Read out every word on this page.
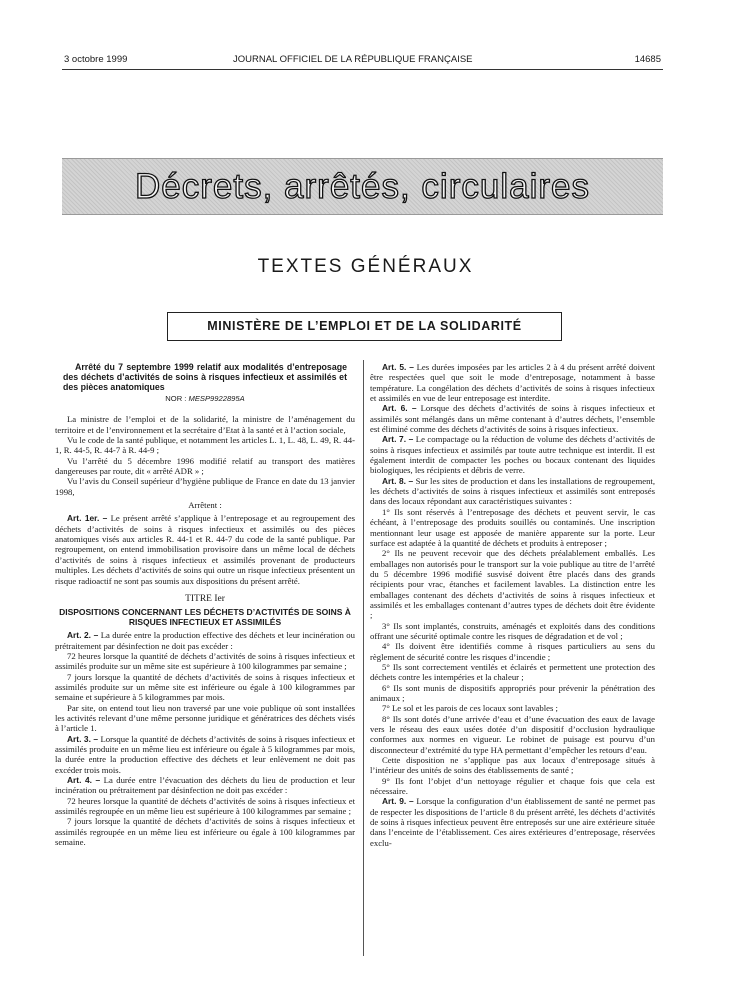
3 octobre 1999	JOURNAL OFFICIEL DE LA RÉPUBLIQUE FRANÇAISE	14685
Décrets, arrêtés, circulaires
TEXTES GÉNÉRAUX
MINISTÈRE DE L’EMPLOI ET DE LA SOLIDARITÉ
Arrêté du 7 septembre 1999 relatif aux modalités d’entreposage des déchets d’activités de soins à risques infectieux et assimilés et des pièces anatomiques
NOR : MESP9922895A

La ministre de l’emploi et de la solidarité, la ministre de l’aménagement du territoire et de l’environnement et la secrétaire d’Etat à la santé et à l’action sociale,

Vu le code de la santé publique, et notamment les articles L. 1, L. 48, L. 49, R. 44-1, R. 44-5, R. 44-7 à R. 44-9 ;

Vu l’arrêté du 5 décembre 1996 modifié relatif au transport des matières dangereuses par route, dit « arrêté ADR » ;

Vu l’avis du Conseil supérieur d’hygiène publique de France en date du 13 janvier 1998,

Arrêtent :

Art. 1er. – Le présent arrêté s’applique à l’entreposage et au regroupement des déchets d’activités de soins à risques infectieux et assimilés ou des pièces anatomiques visés aux articles R. 44-1 et R. 44-7 du code de la santé publique. Par regroupement, on entend immobilisation provisoire dans un même local de déchets d’activités de soins à risques infectieux et assimilés provenant de producteurs multiples. Les déchets d’activités de soins qui outre un risque infectieux présentent un risque radioactif ne sont pas soumis aux dispositions du présent arrêté.

TITRE Ier
DISPOSITIONS CONCERNANT LES DÉCHETS D’ACTIVITÉS DE SOINS À RISQUES INFECTIEUX ET ASSIMILÉS

Art. 2. – La durée entre la production effective des déchets et leur incinération ou prétraitement par désinfection ne doit pas excéder :

72 heures lorsque la quantité de déchets d’activités de soins à risques infectieux et assimilés produite sur un même site est supérieure à 100 kilogrammes par semaine ;

7 jours lorsque la quantité de déchets d’activités de soins à risques infectieux et assimilés produite sur un même site est inférieure ou égale à 100 kilogrammes par semaine et supérieure à 5 kilogrammes par mois.

Par site, on entend tout lieu non traversé par une voie publique où sont installées les activités relevant d’une même personne juridique et génératrices des déchets visés à l’article 1.

Art. 3. – Lorsque la quantité de déchets d’activités de soins à risques infectieux et assimilés produite en un même lieu est inférieure ou égale à 5 kilogrammes par mois, la durée entre la production effective des déchets et leur enlèvement ne doit pas excéder trois mois.

Art. 4. – La durée entre l’évacuation des déchets du lieu de production et leur incinération ou prétraitement par désinfection ne doit pas excéder :

72 heures lorsque la quantité de déchets d’activités de soins à risques infectieux et assimilés regroupée en un même lieu est supérieure à 100 kilogrammes par semaine ;

7 jours lorsque la quantité de déchets d’activités de soins à risques infectieux et assimilés regroupée en un même lieu est inférieure ou égale à 100 kilogrammes par semaine.

Art. 5. – Les durées imposées par les articles 2 à 4 du présent arrêté doivent être respectées quel que soit le mode d’entreposage, notamment à basse température. La congélation des déchets d’activités de soins à risques infectieux et assimilés en vue de leur entreposage est interdite.

Art. 6. – Lorsque des déchets d’activités de soins à risques infectieux et assimilés sont mélangés dans un même contenant à d’autres déchets, l’ensemble est éliminé comme des déchets d’activités de soins à risques infectieux.

Art. 7. – Le compactage ou la réduction de volume des déchets d’activités de soins à risques infectieux et assimilés par toute autre technique est interdit. Il est également interdit de compacter les poches ou bocaux contenant des liquides biologiques, les récipients et débris de verre.

Art. 8. – Sur les sites de production et dans les installations de regroupement, les déchets d’activités de soins à risques infectieux et assimilés sont entreposés dans des locaux répondant aux caractéristiques suivantes :

1° Ils sont réservés à l’entreposage des déchets et peuvent servir, le cas échéant, à l’entreposage des produits souillés ou contaminés. Une inscription mentionnant leur usage est apposée de manière apparente sur la porte. Leur surface est adaptée à la quantité de déchets et produits à entreposer ;

2° Ils ne peuvent recevoir que des déchets préalablement emballés. Les emballages non autorisés pour le transport sur la voie publique au titre de l’arrêté du 5 décembre 1996 modifié susvisé doivent être placés dans des grands récipients pour vrac, étanches et facilement lavables. La distinction entre les emballages contenant des déchets d’activités de soins à risques infectieux et assimilés et les emballages contenant d’autres types de déchets doit être évidente ;

3° Ils sont implantés, construits, aménagés et exploités dans des conditions offrant une sécurité optimale contre les risques de dégradation et de vol ;

4° Ils doivent être identifiés comme à risques particuliers au sens du règlement de sécurité contre les risques d’incendie ;

5° Ils sont correctement ventilés et éclairés et permettent une protection des déchets contre les intempéries et la chaleur ;

6° Ils sont munis de dispositifs appropriés pour prévenir la pénétration des animaux ;

7° Le sol et les parois de ces locaux sont lavables ;

8° Ils sont dotés d’une arrivée d’eau et d’une évacuation des eaux de lavage vers le réseau des eaux usées dotée d’un dispositif d’occlusion hydraulique conformes aux normes en vigueur. Le robinet de puisage est pourvu d’un disconnecteur d’extrémité du type HA permettant d’empêcher les retours d’eau.

Cette disposition ne s’applique pas aux locaux d’entreposage situés à l’intérieur des unités de soins des établissements de santé ;

9° Ils font l’objet d’un nettoyage régulier et chaque fois que cela est nécessaire.

Art. 9. – Lorsque la configuration d’un établissement de santé ne permet pas de respecter les dispositions de l’article 8 du présent arrêté, les déchets d’activités de soins à risques infectieux peuvent être entreposés sur une aire extérieure située dans l’enceinte de l’établissement. Ces aires extérieures d’entreposage, réservées exclu-
